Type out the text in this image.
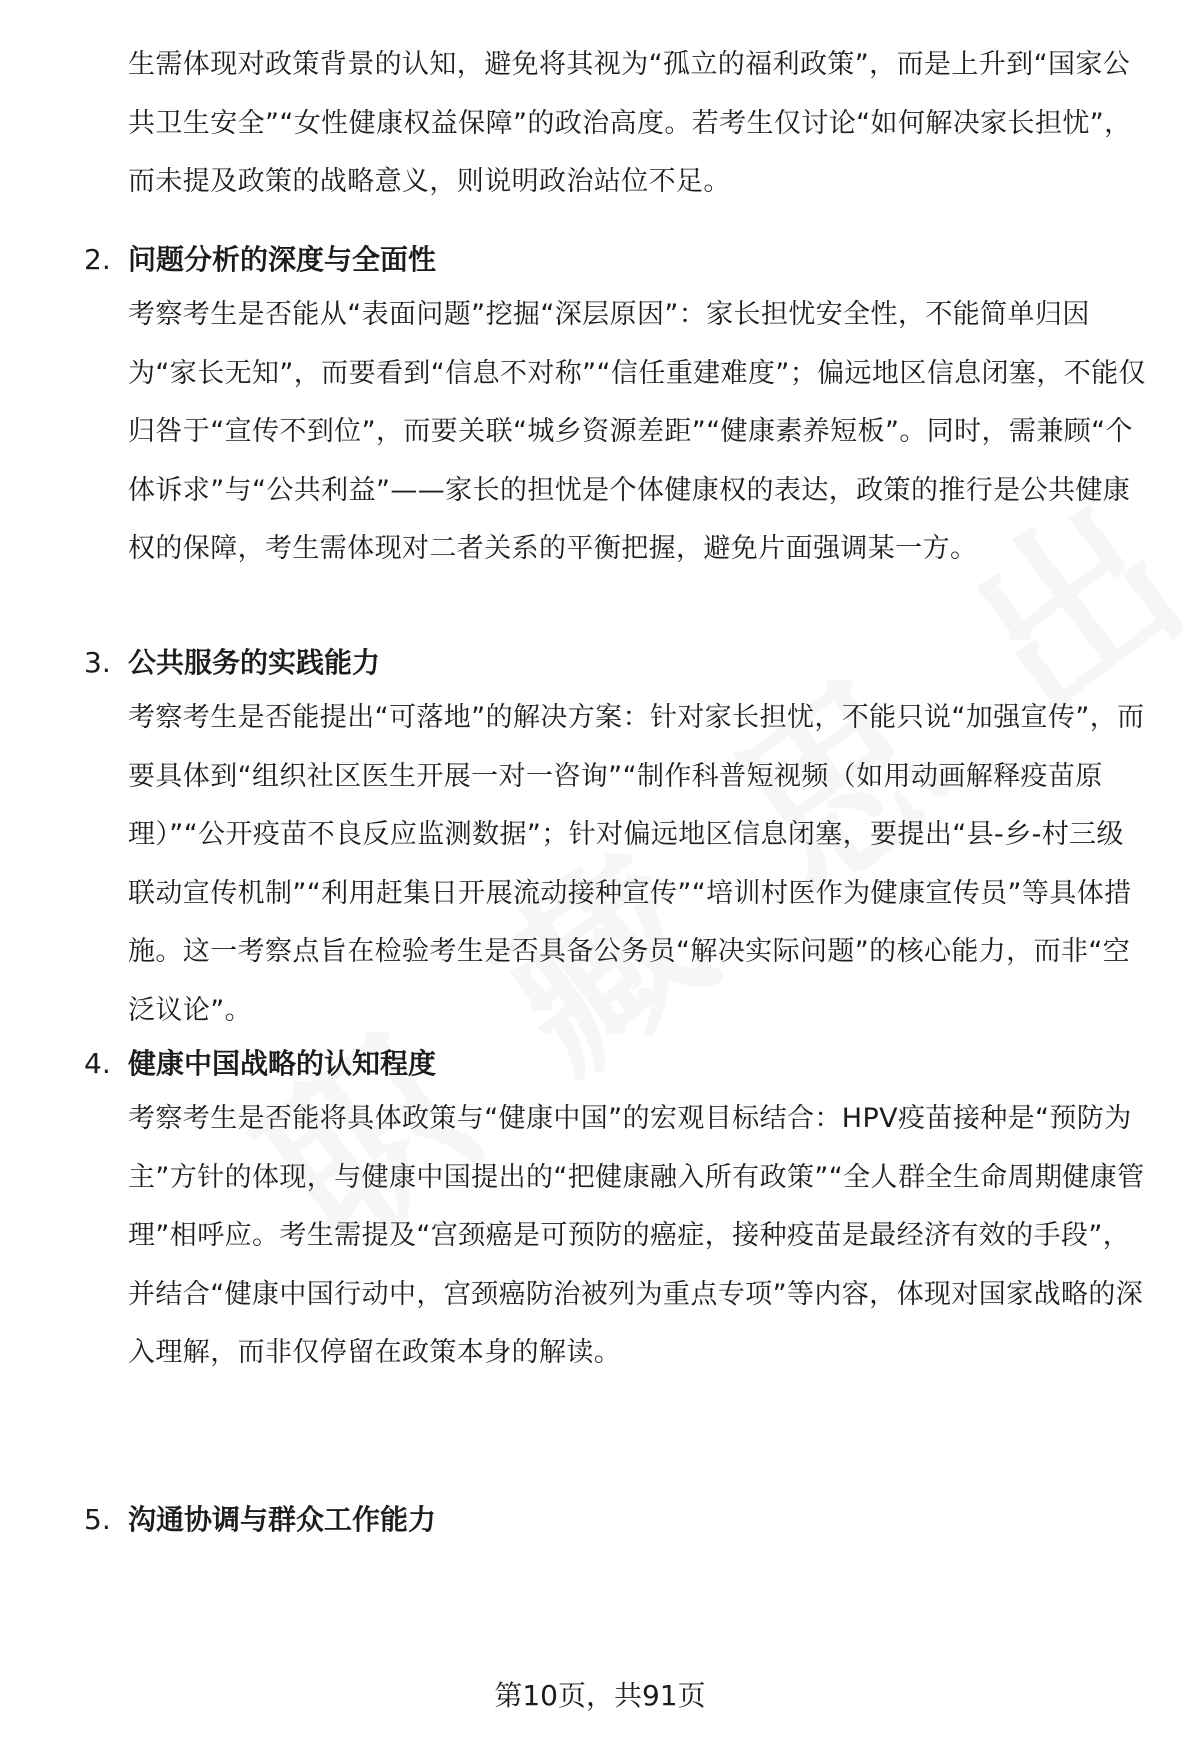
生需体现对政策背景的认知，避免将其视为“孤立的福利政策”，而是上升到“国家公共卫生安全”“女性健康权益保障”的政治高度。若考生仅讨论“如何解决家长担忧”，而未提及政策的战略意义，则说明政治站位不足。

2. 问题分析的深度与全面性

考察考生是否能从“表面问题”挖掘“深层原因”：家长担忧安全性，不能简单归因为“家长无知”，而要看到“信息不对称”“信任重建难度”；偏远地区信息闭塞，不能仅归咎于“宣传不到位”，而要关联“城乡资源差距”“健康素养短板”。同时，需兼顾“个体诉求”与“公共利益”——家长的担忧是个体健康权的表达，政策的推行是公共健康权的保障，考生需体现对二者关系的平衡把握，避免片面强调某一方。

3. 公共服务的实践能力

考察考生是否能提出“可落地”的解决方案：针对家长担忧，不能只说“加强宣传”，而要具体到“组织社区医生开展一对一咨询”“制作科普短视频（如用动画解释疫苗原理）”“公开疫苗不良反应监测数据”；针对偏远地区信息闭塞，要提出“县-乡-村三级联动宣传机制”“利用赶集日开展流动接种宣传”“培训村医作为健康宣传员”等具体措施。这一考察点旨在检验考生是否具备公务员“解决实际问题”的核心能力，而非“空泛议论”。

4. 健康中国战略的认知程度

考察考生是否能将具体政策与“健康中国”的宏观目标结合：HPV疫苗接种是“预防为主”方针的体现，与健康中国提出的“把健康融入所有政策”“全人群全生命周期健康管理”相呼应。考生需提及“宫颈癌是可预防的癌症，接种疫苗是最经济有效的手段”，并结合“健康中国行动中，宫颈癌防治被列为重点专项”等内容，体现对国家战略的深入理解，而非仅停留在政策本身的解读。

5. 沟通协调与群众工作能力
第10页，共91页
